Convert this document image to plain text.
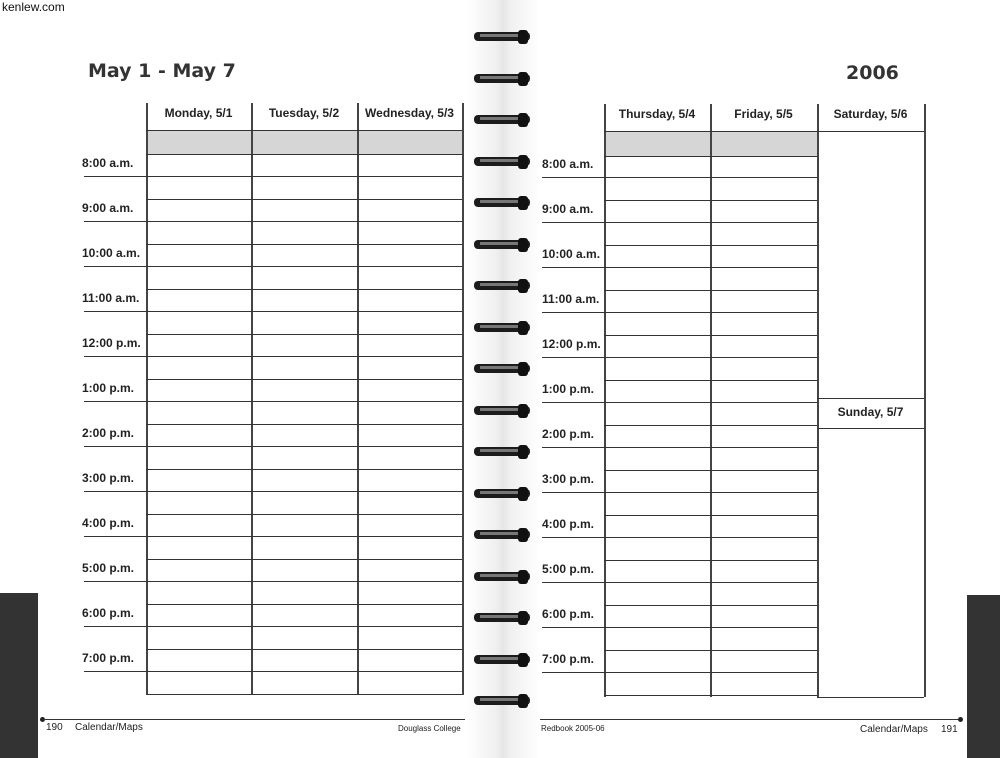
kenlew.com
May 1 - May 7
Monday, 5/1	Tuesday, 5/2	Wednesday, 5/3
8:00 a.m.
9:00 a.m.
10:00 a.m.
11:00 a.m.
12:00 p.m.
1:00 p.m.
2:00 p.m.
3:00 p.m.
4:00 p.m.
5:00 p.m.
6:00 p.m.
7:00 p.m.
190 Calendar/Maps	Douglass College
2006
Thursday, 5/4	Friday, 5/5	Saturday, 5/6
Sunday, 5/7
8:00 a.m.
9:00 a.m.
10:00 a.m.
11:00 a.m.
12:00 p.m.
1:00 p.m.
2:00 p.m.
3:00 p.m.
4:00 p.m.
5:00 p.m.
6:00 p.m.
7:00 p.m.
Redbook 2005-06	Calendar/Maps 191
